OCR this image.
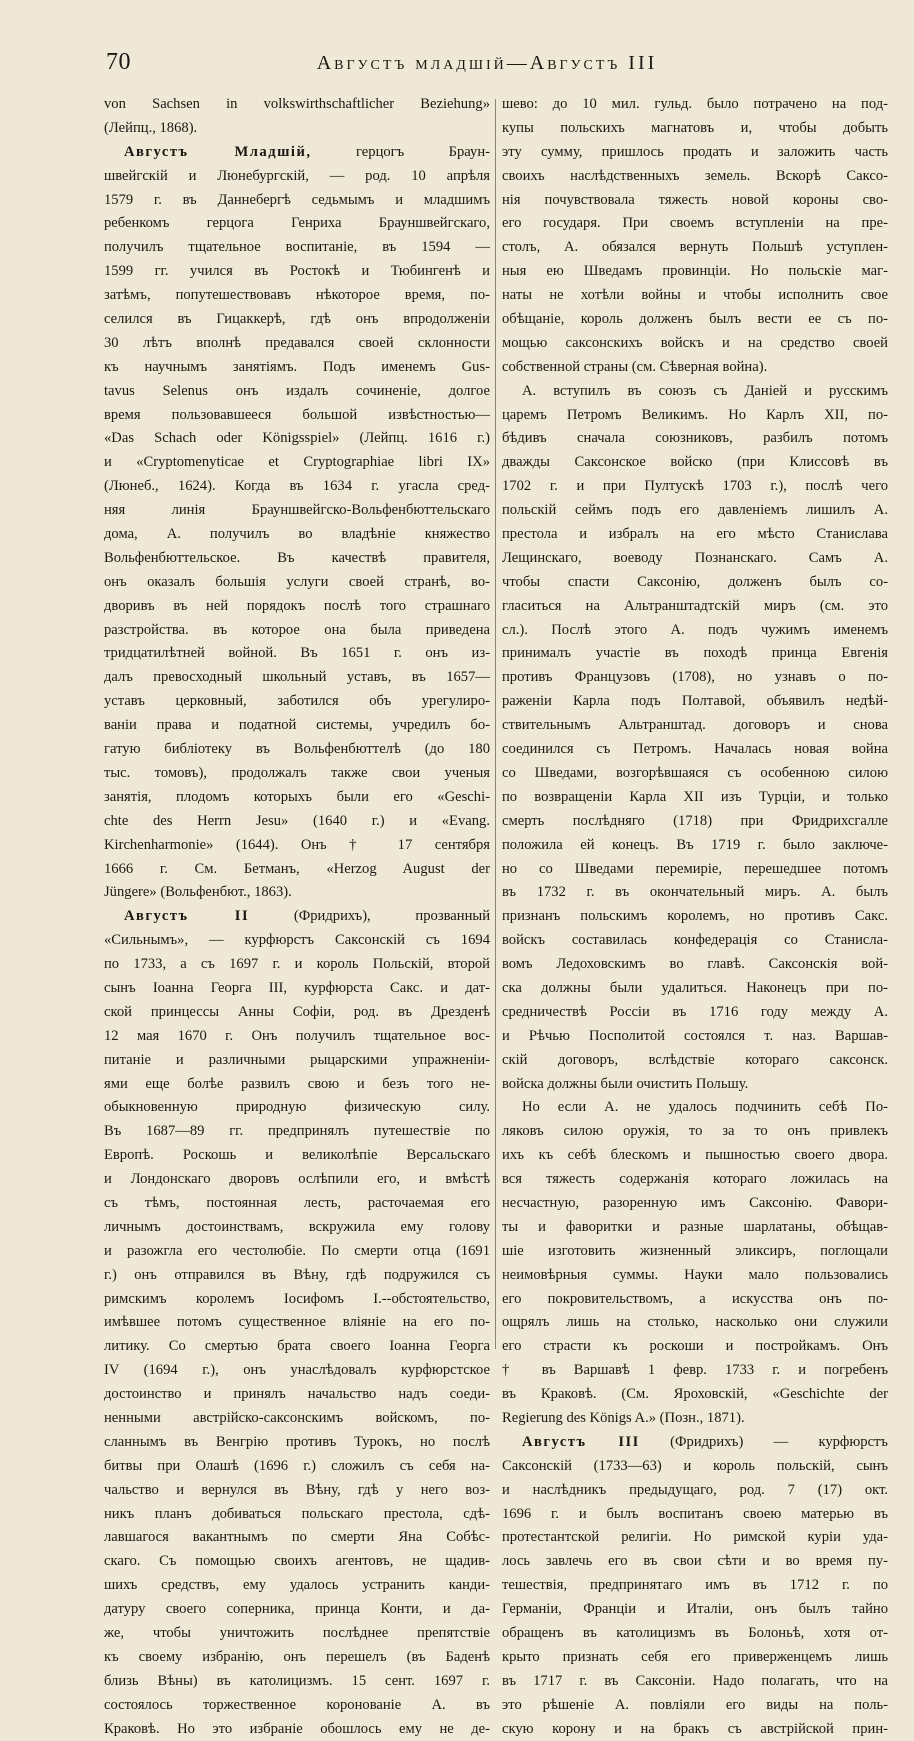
70	Августъ младшій—Августъ III
von Sachsen in volkswirthschaftlicher Beziehung»
(Лейпц., 1868).
Августъ Младшій,	герцогъ Браун-
швейгскій и Люнебургскій, — род. 10 апрѣля
1579 г. въ Даннебергѣ седьмымъ и младшимъ
ребенкомъ герцога Генриха Брауншвейгскаго,
получилъ тщательное воспитаніе, въ 1594 —
1599 гг. учился въ Ростокѣ и Тюбингенѣ и
затѣмъ, попутешествовавъ нѣкоторое время, по-
селился въ Гицаккерѣ, гдѣ онъ впродолженіи
30 лѣтъ вполнѣ предавался своей склонности
къ научнымъ занятіямъ. Подъ именемъ Gus-
tavus Selenus онъ издалъ сочиненіе, долгое
время пользовавшееся большой извѣстностью—
«Das Schach oder Königsspiel» (Лейпц. 1616 г.)
и «Cryptomenyticae et Cryptographiae libri IX»
(Люнеб., 1624). Когда въ 1634 г. угасла сред-
няя линія Брауншвейгско-Вольфенбюттельскаго
дома, А. получилъ во владѣніе княжество
Вольфенбюттельское. Въ качествѣ правителя,
онъ оказалъ большія услуги своей странѣ, во-
дворивъ въ ней порядокъ послѣ того страшнаго
разстройства. въ которое она была приведена
тридцатилѣтней войной. Въ 1651 г. онъ из-
далъ превосходный школьный уставъ, въ 1657—
уставъ церковный, заботился объ урегулиро-
ваніи права и податной системы, учредилъ бо-
гатую библіотеку въ Вольфенбюттелѣ (до 180
тыс. томовъ), продолжалъ также свои ученыя
занятія, плодомъ которыхъ были его «Geschi-
chte des Herrn Jesu» (1640 г.) и «Evang.
Kirchenharmonie» (1644). Онъ † 17 сентября
1666 г. См. Бетманъ, «Herzog August der
Jüngere» (Вольфенбют., 1863).
Августъ II	(Фридрихъ), прозванный
«Сильнымъ», — курфюрстъ Саксонскій съ 1694
по 1733, а съ 1697 г. и король Польскій, второй
сынъ Іоанна Георга III, курфюрста Сакс. и дат-
ской принцессы Анны Софіи, род. въ Дрезденѣ
12 мая 1670 г. Онъ получилъ тщательное вос-
питаніе и различными рыцарскими упражненіи-
ями еще болѣе развилъ свою и безъ того не-
обыкновенную природную физическую силу.
Въ 1687—89 гг. предпринялъ путешествіе по
Европѣ. Роскошь и великолѣпіе Версальскаго
и Лондонскаго дворовъ ослѣпили его, и вмѣстѣ
съ тѣмъ, постоянная лесть, расточаемая его
личнымъ достоинствамъ, вскружила ему голову
и разожгла его честолюбіе. По смерти отца (1691
г.) онъ отправился въ Вѣну, гдѣ подружился съ
римскимъ королемъ Іосифомъ I.--обстоятельство,
имѣвшее потомъ существенное вліяніе на его по-
литику. Со смертью брата своего Іоанна Георга
IV (1694 г.), онъ унаслѣдовалъ курфюрстское
достоинство и принялъ начальство надъ соеди-
ненными австрійско-саксонскимъ войскомъ, по-
сланнымъ въ Венгрію противъ Турокъ, но послѣ
битвы при Олашѣ (1696 г.) сложилъ съ себя на-
чальство и вернулся въ Вѣну, гдѣ у него воз-
никъ планъ добиваться польскаго престола, сдѣ-
лавшагося вакантнымъ по смерти Яна Собѣс-
скаго. Съ помощью своихъ агентовъ, не щадив-
шихъ средствъ, ему удалось устранить канди-
датуру своего соперника, принца Конти, и да-
же, чтобы уничтожить послѣднее препятствіе
къ своему избранію, онъ перешелъ (въ Баденѣ
близь Вѣны) въ католицизмъ. 15 сент. 1697 г.
состоялось торжественное коронованіе А. въ
Краковѣ. Но это избраніе обошлось ему не де-
шево: до 10 мил. гульд. было потрачено на под-
купы польскихъ магнатовъ и, чтобы добыть
эту сумму, пришлось продать и заложить часть
своихъ наслѣдственныхъ земель. Вскорѣ Саксо-
нія почувствовала тяжесть новой короны сво-
его государя. При своемъ вступленіи на пре-
столъ, А. обязался вернуть Польшѣ уступлен-
ныя ею Шведамъ провинціи. Но польскіе маг-
наты не хотѣли войны и чтобы исполнить свое
обѣщаніе, король долженъ былъ вести ее съ по-
мощью саксонскихъ войскъ и на средство своей
собственной страны (см. Сѣверная война).
А. вступилъ въ союзъ съ Даніей и русскимъ
царемъ Петромъ Великимъ. Но Карлъ XII, по-
бѣдивъ сначала союзниковъ, разбилъ потомъ
дважды Саксонское войско (при Клиссовѣ въ
1702 г. и при Пултускѣ 1703 г.), послѣ чего
польскій сеймъ подъ его давленіемъ лишилъ А.
престола и избралъ на его мѣсто Станислава
Лещинскаго, воеводу Познанскаго. Самъ А.
чтобы спасти Саксонію, долженъ былъ со-
гласиться на Альтранштадтскій миръ (см. это
сл.). Послѣ этого А. подъ чужимъ именемъ
принималъ участіе въ походѣ принца Евгенія
противъ Французовъ (1708), но узнавъ о по-
раженіи Карла подъ Полтавой, объявилъ недѣй-
ствительнымъ Альтранштад. договоръ и снова
соединился съ Петромъ. Началась новая война
со Шведами, возгорѣвшаяся съ особенною силою
по возвращеніи Карла XII изъ Турціи, и только
смерть послѣдняго (1718) при Фридрихсгалле
положила ей конецъ. Въ 1719 г. было заключе-
но со Шведами перемиріе, перешедшее потомъ
въ 1732 г. въ окончательный миръ. А. былъ
признанъ польскимъ королемъ, но противъ Сакс.
войскъ составилась конфедерація со Станисла-
вомъ Ледоховскимъ во главѣ. Саксонскія вой-
ска должны были удалиться. Наконецъ при по-
средничествѣ Россіи въ 1716 году между А.
и Рѣчью Посполитой состоялся т. наз. Варшав-
скій договоръ, вслѣдствіе котораго саксонск.
войска должны были очистить Польшу.
Но если А. не удалось подчинить себѣ По-
ляковъ силою оружія, то за то онъ привлекъ
ихъ къ себѣ блескомъ и пышностью своего двора.
вся тяжесть содержанія котораго ложилась на
несчастную, разоренную имъ Саксонію. Фавори-
ты и фаворитки и разные шарлатаны, обѣщав-
шіе изготовить жизненный эликсиръ, поглощали
неимовѣрныя суммы. Науки мало пользовались
его покровительствомъ, а искусства онъ по-
ощрялъ лишь на столько, насколько они служили
его страсти къ роскоши и постройкамъ. Онъ
† въ Варшавѣ 1 февр. 1733 г. и погребенъ
въ Краковѣ. (См. Яроховскій, «Geschichte der
Regierung des Königs A.» (Позн., 1871).
Августъ III (Фридрихъ) — курфюрстъ
Саксонскій (1733—63) и король польскій, сынъ
и наслѣдникъ предыдущаго, род. 7 (17) окт.
1696 г. и былъ воспитанъ своею матерью въ
протестантской религіи. Но римской куріи уда-
лось завлечь его въ свои сѣти и во время пу-
тешествія, предпринятаго имъ въ 1712 г. по
Германіи, Франціи и Италіи, онъ былъ тайно
обращенъ въ католицизмъ въ Болоньѣ, хотя от-
крыто признать себя его приверженцемъ лишь
въ 1717 г. въ Саксоніи. Надо полагать, что на
это рѣшеніе А. повліяли его виды на поль-
скую корону и на бракъ съ австрійской прин-
